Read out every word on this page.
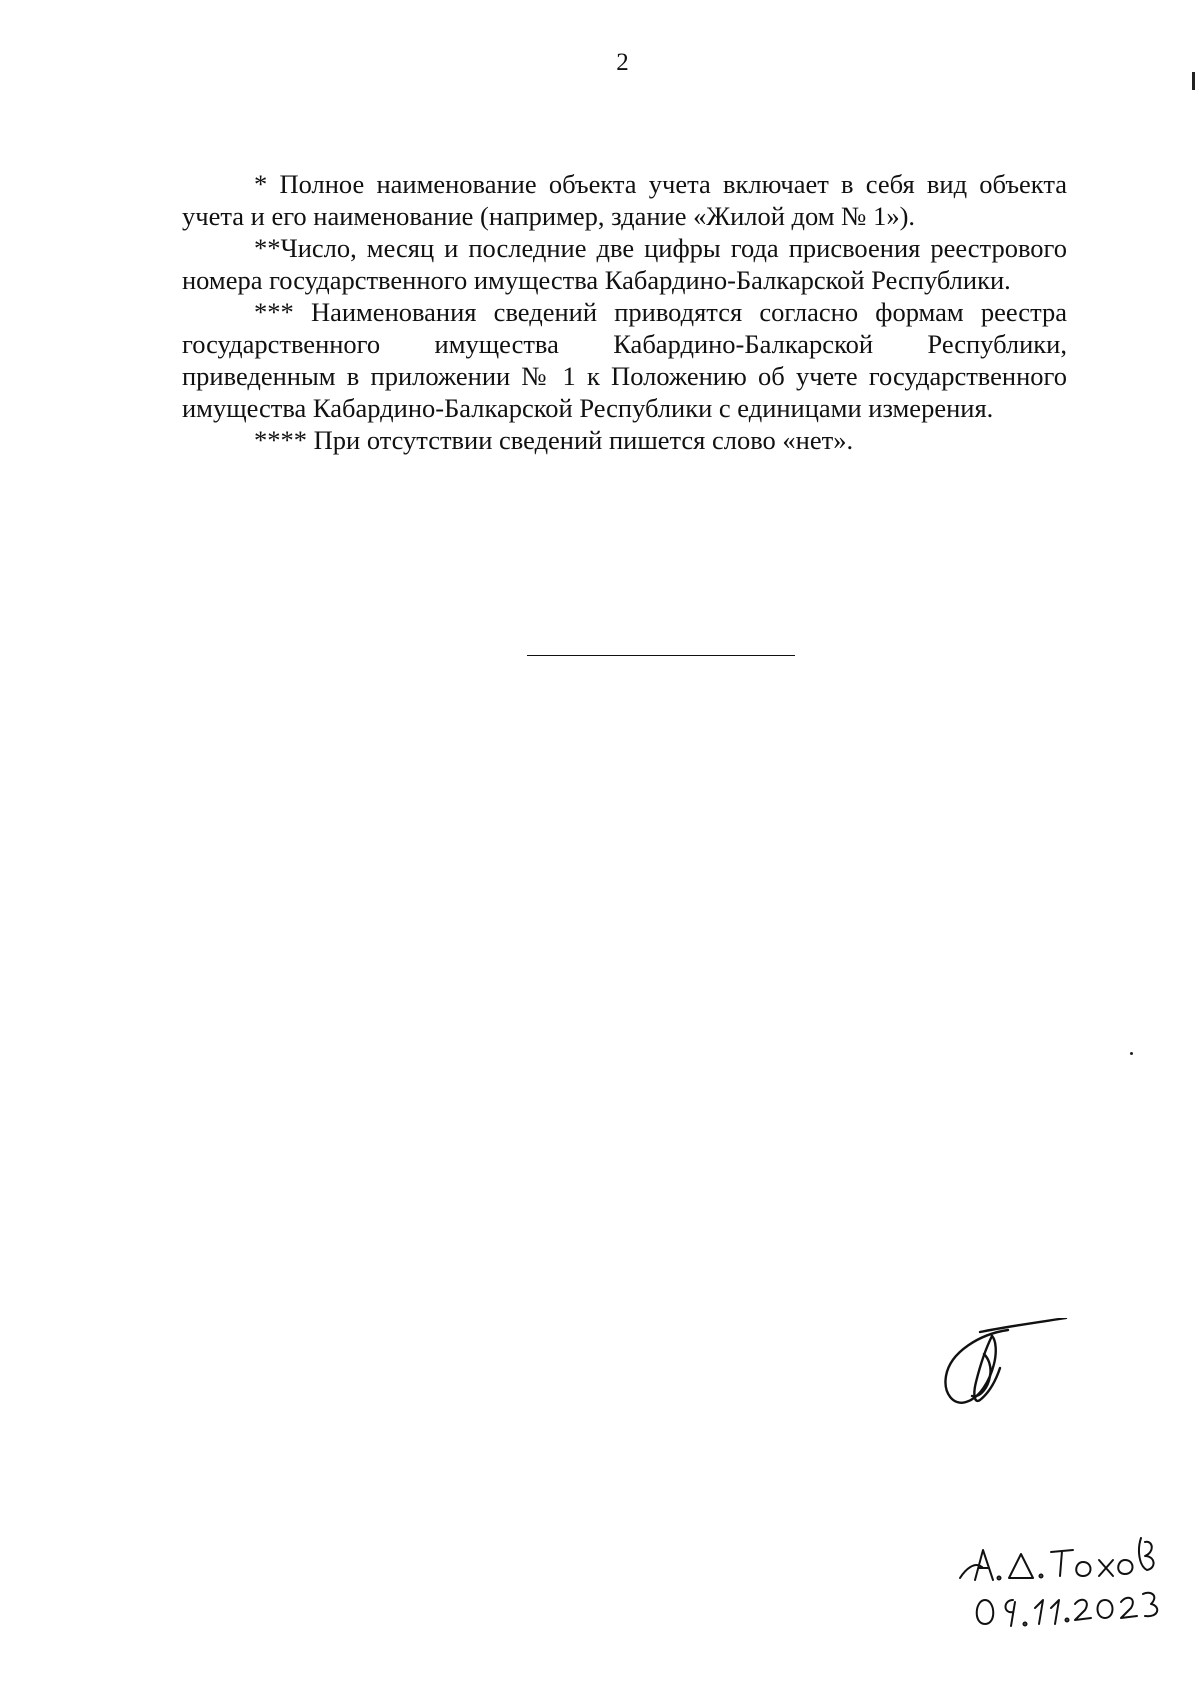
2

* Полное наименование объекта учета включает в себя вид объекта учета и его наименование (например, здание «Жилой дом № 1»).

**Число, месяц и последние две цифры года присвоения реестрового номера государственного имущества Кабардино-Балкарской Республики.

*** Наименования сведений приводятся согласно формам реестра государственного имущества Кабардино-Балкарской Республики, приведенным в приложении № 1 к Положению об учете государственного имущества Кабардино-Балкарской Республики с единицами измерения.

**** При отсутствии сведений пишется слово «нет».
